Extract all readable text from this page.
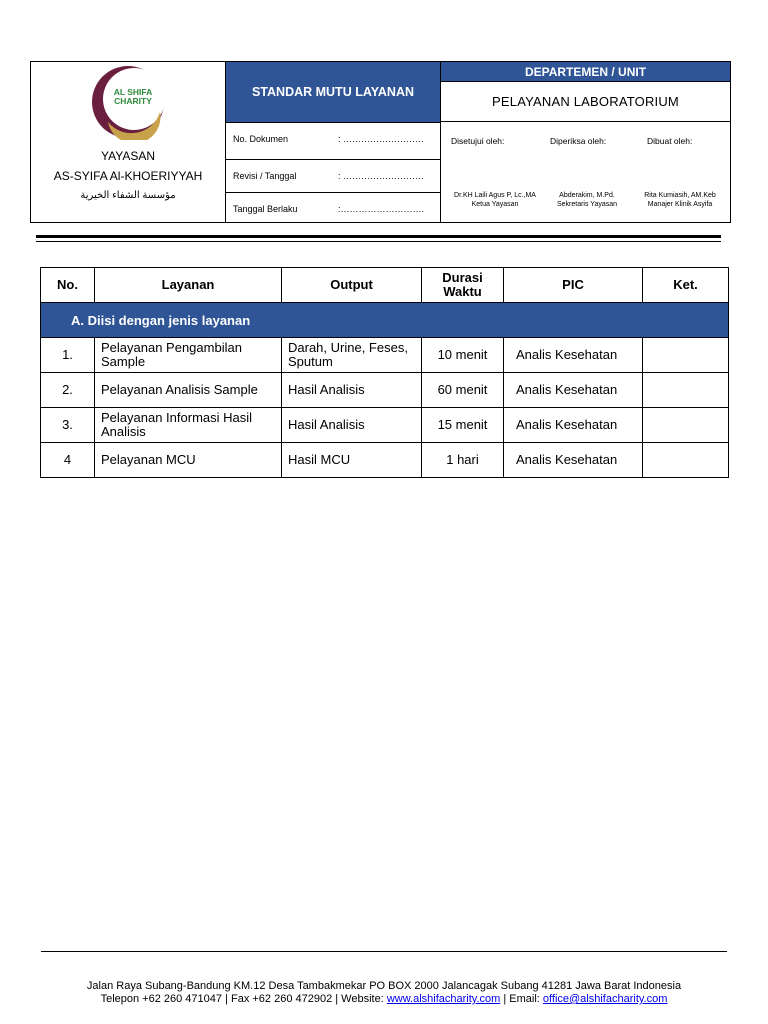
AL SHIFA
CHARITY
YAYASAN
AS-SYIFA Al-KHOERIYYAH
مؤسسة الشفاء الخيرية
STANDAR MUTU LAYANAN
No. Dokumen	: ………………………
Revisi / Tanggal	: ………………………
Tanggal Berlaku	:……………………….
DEPARTEMEN / UNIT
PELAYANAN LABORATORIUM
Disetujui oleh:	Diperiksa oleh:	Dibuat oleh:
Dr.KH Laili Agus P, Lc.,MA
Ketua Yayasan
Abderakim, M.Pd.
Sekretaris Yayasan
Rita Kumiasih, AM.Keb
Manajer Klinik Asyifa
No.	Layanan	Output	Durasi Waktu	PIC	Ket.
A. Diisi dengan jenis layanan					
1.	Pelayanan Pengambilan Sample	Darah, Urine, Feses, Sputum	10 menit	Analis Kesehatan	
2.	Pelayanan Analisis Sample	Hasil Analisis	60 menit	Analis Kesehatan	
3.	Pelayanan Informasi Hasil Analisis	Hasil Analisis	15 menit	Analis Kesehatan	
4	Pelayanan MCU	Hasil MCU	1 hari	Analis Kesehatan	
Jalan Raya Subang-Bandung KM.12 Desa Tambakmekar PO BOX 2000 Jalancagak Subang 41281 Jawa Barat Indonesia
Telepon +62 260 471047 | Fax +62 260 472902 | Website: www.alshifacharity.com | Email: office@alshifacharity.com
